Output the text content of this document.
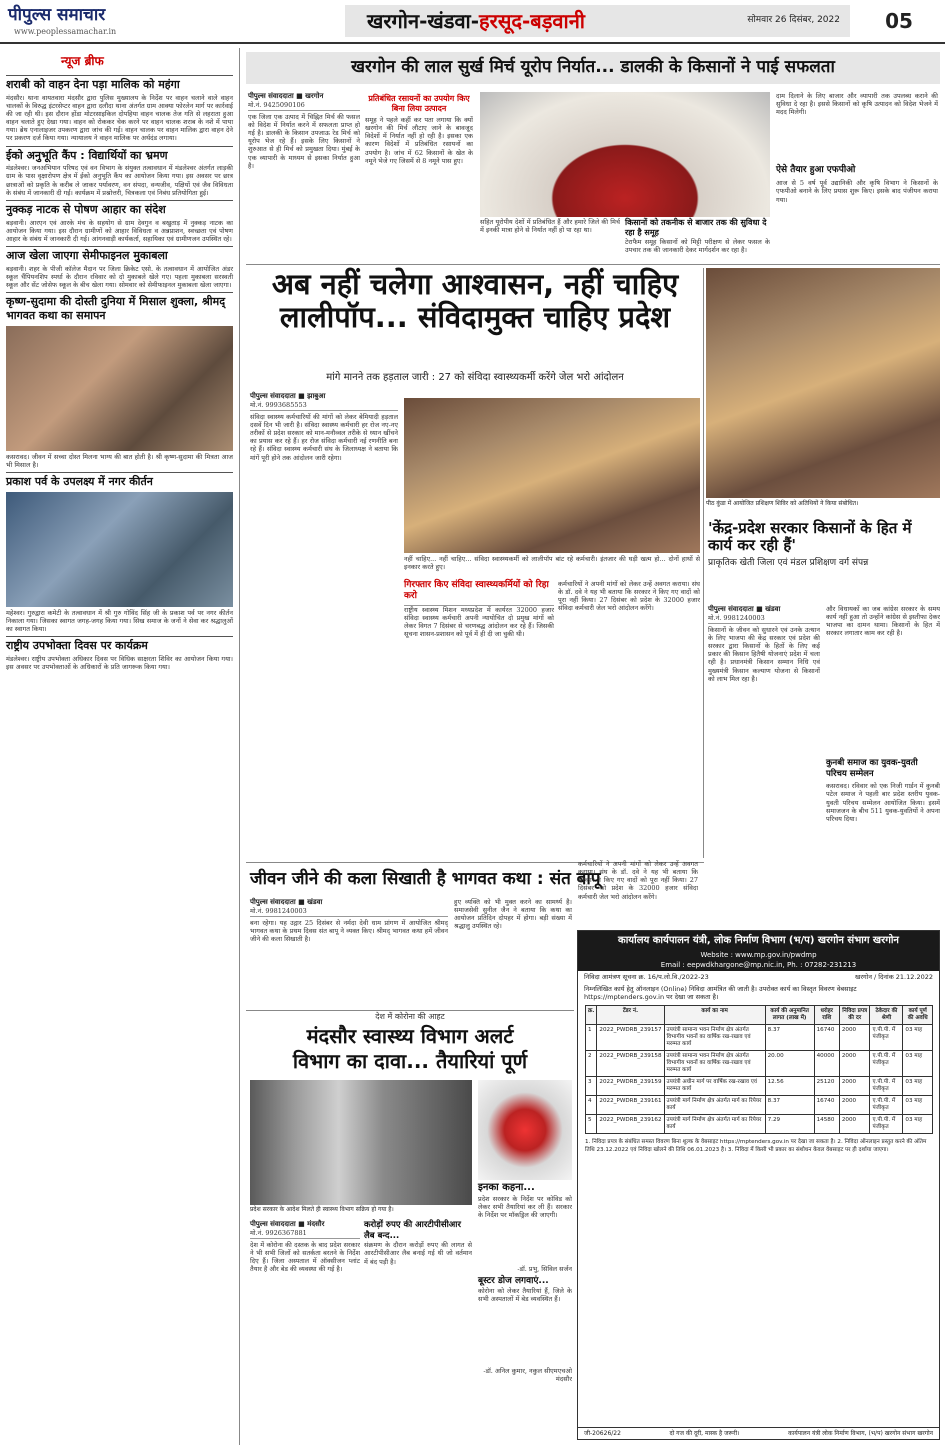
पीपुल्स समाचार www.peoplessamachar.in	खरगोन-खंडवा- हरसूद-बड़वानी	सोमवार 26 दिसंबर, 2022	05
न्यूज ब्रीफ
शराबी को वाहन देना पड़ा मालिक को महंगा

मंदसौर। थाना वायतवारा मंदसौर द्वारा पुलिस मुख्यालय के निर्देश पर वाहन चलाने वाले वाहन चालकों के विरुद्ध इंटरसेप्टर वाहन द्वारा दलौदा थाना अंतर्गत ग्राम आक्या फोरलेन मार्ग पर कार्रवाई की जा रही थी। इस दौरान होंडा मोटरसाइकिल दोपहिया वाहन चालक तेज गति से लहराता हुआ वाहन चलाते हुए देखा गया। वाहन को रोककर चेक करने पर वाहन चालक शराब के नशे में पाया गया। ब्रेथ एनालाइजर उपकरण द्वारा जांच की गई। वाहन चालक पर वाहन मालिक द्वारा वाहन देने पर प्रकरण दर्ज किया गया। न्यायालय ने वाहन मालिक पर अर्थदंड लगाया।

ईको अनुभूति कैंप : विद्यार्थियों का भ्रमण

मंडलेश्वर। जनअभियान परिषद एवं वन विभाग के संयुक्त तत्वावधान में मंडलेश्वर अंतर्गत लाड़की ग्राम के पास वृक्षारोपण क्षेत्र में ईको अनुभूति कैंप का आयोजन किया गया। इस अवसर पर छात्र छात्राओं को प्रकृति के करीब ले जाकर पर्यावरण, वन संपदा, वन्यजीव, पक्षियों एवं जैव विविधता के संबंध में जानकारी दी गई। कार्यक्रम में प्रश्नोत्तरी, चित्रकला एवं निबंध प्रतियोगिता हुई।

नुक्कड़ नाटक से पोषण आहार का संदेश

बड़वानी। आरएन एवं आरके मंच के सहयोग से ग्राम देवगुन व बखुताड़ में नुक्कड़ नाटक का आयोजन किया गया। इस दौरान ग्रामीणों को आहार विविधता व अन्नप्राशन, स्वच्छता एवं पोषण आहार के संबंध में जानकारी दी गई। आंगनवाड़ी कार्यकर्ता, सहायिका एवं ग्रामीणजन उपस्थित रहे।

आज खेला जाएगा सेमीफाइनल मुकाबला

बड़वानी। शहर के पीजी कॉलेज मैदान पर जिला क्रिकेट एसो. के तत्वावधान में आयोजित अंडर स्कूल चैंपियनशिप स्पर्धा के दौरान रविवार को दो मुकाबले खेले गए। पहला मुकाबला सरस्वती स्कूल और सेंट जोसेफ स्कूल के बीच खेला गया। सोमवार को सेमीफाइनल मुकाबला खेला जाएगा।

कृष्ण-सुदामा की दोस्ती दुनिया में मिसाल शुक्ला, श्रीमद् भागवत कथा का समापन

कसरावद। जीवन में सच्चा दोस्त मिलना भाग्य की बात होती है। श्री कृष्ण-सुदामा की मित्रता आज भी मिसाल है।

प्रकाश पर्व के उपलक्ष्य में नगर कीर्तन

महेश्वर। गुरुद्वारा कमेटी के तत्वावधान में श्री गुरु गोविंद सिंह जी के प्रकाश पर्व पर नगर कीर्तन निकाला गया। जिसका स्वागत जगह-जगह किया गया। सिख समाज के जनों ने सेवा कर श्रद्धालुओं का स्वागत किया।

राष्ट्रीय उपभोक्ता दिवस पर कार्यक्रम

मंडलेश्वर। राष्ट्रीय उपभोक्ता अधिकार दिवस पर विधिक साक्षरता शिविर का आयोजन किया गया। इस अवसर पर उपभोक्ताओं के अधिकारों के प्रति जागरूक किया गया।

खरगोन की लाल सुर्ख मिर्च यूरोप निर्यात... डालकी के किसानों ने पाई सफलता
पीपुल्स संवाददाता ■ खरगोन
मो.नं. 9425090106
एक जिला एक उत्पाद में चिह्नित मिर्च की फसल को विदेश में निर्यात करने में सफलता प्राप्त हो गई है। डालकी के किसान उपजाऊ रेड मिर्च को यूरोप भेज रहे हैं। इसके लिए किसानों ने शुरुआत से ही मिर्च को प्रमुखता दिया। मुंबई के एक व्यापारी के माध्यम से इसका निर्यात हुआ है।
प्रतिबंधित रसायनों का उपयोग किए बिना लिया उत्पादन
समूह ने पहले कहीं कर पता लगाया कि क्यों खरगोन की मिर्च लौटाए जाने के बावजूद विदेशों में निर्यात नहीं हो रही है। इसका एक कारण विदेशों में प्रतिबंधित रसायनों का उपयोग है। जांच में 62 किसानों के खेत के नमूने भेजे गए जिसमें से 8 नमूने पास हुए।
सहित यूरोपीय देशों में प्रतिबंधित हैं और हमारे जिले की मिर्च में इनकी मात्रा होने से निर्यात नहीं हो पा रहा था।
किसानों को तकनीक से बाजार तक की सुविधा दे रहा है समूह
टेराफैम समूह किसानों को मिट्टी परीक्षण से लेकर फसल के उपचार तक की जानकारी देकर मार्गदर्शन कर रहा है।
दाम दिलाने के लिए बाजार और व्यापारी तक उपलब्ध कराने की सुविधा दे रहा है। इससे किसानों को कृषि उत्पादन को विदेश भेजने में मदद मिलेगी।
ऐसे तैयार हुआ एफपीओ
आज से 5 वर्ष पूर्व उद्यानिकी और कृषि विभाग ने किसानों के एफपीओ बनाने के लिए प्रयास शुरू किए। इसके बाद पंजीयन कराया गया।
अब नहीं चलेगा आश्वासन, नहीं चाहिए
लालीपॉप... संविदामुक्त चाहिए प्रदेश
मांगे मानने तक हड़ताल जारी : 27 को संविदा स्वास्थ्यकर्मी करेंगे जेल भरो आंदोलन
पीपुल्स संवाददाता ■ झाबुआ
मो.नं. 9993685553
संविदा स्वास्थ्य कर्मचारियों की मांगों को लेकर बेमियादी हड़ताल दसवें दिन भी जारी है। संविदा स्वास्थ्य कर्मचारी हर रोज नए-नए तरीकों से प्रदेश सरकार को मान-मनौव्वल तरीके से ध्यान खींचने का प्रयास कर रहे हैं। हर रोज संविदा कर्मचारी नई रणनीति बना रहे हैं। संविदा स्वास्थ्य कर्मचारी संघ के जिलाध्यक्ष ने बताया कि मांगें पूरी होने तक आंदोलन जारी रहेगा।
नहीं चाहिए... नहीं चाहिए... संविदा स्वास्थ्यकर्मी को लालीपॉप बांट रहे कर्मचारी। इंतजार की घड़ी खत्म हो... दोनों हाथों से इनकार करते हुए।
गिरफ्तार किए संविदा स्वास्थ्यकर्मियों को रिहा करो
राष्ट्रीय स्वास्थ्य मिशन मध्यप्रदेश में कार्यरत 32000 हजार संविदा स्वास्थ्य कर्मचारी अपनी न्यायोचित दो प्रमुख मांगों को लेकर विगत 7 दिसंबर से चरणबद्ध आंदोलन कर रहे हैं। जिसकी सूचना शासन-प्रशासन को पूर्व में ही दी जा चुकी थी।
कर्मचारियों ने अपनी मांगों को लेकर उन्हें अवगत कराया। संघ के डॉ. दवे ने यह भी बताया कि सरकार ने किए गए वादों को पूरा नहीं किया। 27 दिसंबर को प्रदेश के 32000 हजार संविदा कर्मचारी जेल भरो आंदोलन करेंगे।
पीठ कुंडा में आयोजित प्रशिक्षण शिविर को अतिथियों ने किया संबोधित।
'केंद्र-प्रदेश सरकार किसानों के हित में कार्य कर रही हैं'
प्राकृतिक खेती जिला एवं मंडल प्रशिक्षण वर्ग संपन्न
पीपुल्स संवाददाता ■ खंडवा
मो.नं. 9981240003
किसानों के जीवन को सुधारने एवं उनके उत्थान के लिए भाजपा की केंद्र सरकार एवं प्रदेश की सरकार द्वारा किसानों के हितों के लिए कई प्रकार की किसान हितैषी योजनाएं प्रदेश में चला रही है। प्रधानमंत्री किसान सम्मान निधि एवं मुख्यमंत्री किसान कल्याण योजना से किसानों को लाभ मिल रहा है।
और विधायकों का जब कांग्रेस सरकार के समय कार्य नहीं हुआ तो उन्होंने कांग्रेस से इस्तीफा देकर भाजपा का दामन थामा। किसानों के हित में सरकार लगातार काम कर रही है।
कुनबी समाज का युवक-युवती परिचय सम्मेलन
कसरावद। रविवार को एक निजी गार्डन में कुनबी पटेल समाज ने पहली बार प्रदेश स्तरीय युवक-युवती परिचय सम्मेलन आयोजित किया। इसमें समाजजन के बीच 511 युवक-युवतियों ने अपना परिचय दिया।
जीवन जीने की कला सिखाती है भागवत कथा : संत बापू
पीपुल्स संवाददाता ■ खंडवा
मो.नं. 9981240003
बना रहेगा। यह उद्गार 25 दिसंबर से नर्मदा देवी धाम प्रांगण में आयोजित श्रीमद् भागवत कथा के प्रथम दिवस संत बापू ने व्यक्त किए। श्रीमद् भागवत कथा हमें जीवन जीने की कला सिखाती है।
हुए व्यक्ति को भी मुक्त करने का सामर्थ्य है। समाजसेवी सुनील जैन ने बताया कि कथा का आयोजन प्रतिदिन दोपहर में होगा। बड़ी संख्या में श्रद्धालु उपस्थित रहे।
कर्मचारियों ने अपनी मांगों को लेकर उन्हें अवगत कराया। संघ के डॉ. दवे ने यह भी बताया कि सरकार ने किए गए वादों को पूरा नहीं किया। 27 दिसंबर को प्रदेश के 32000 हजार संविदा कर्मचारी जेल भरो आंदोलन करेंगे।
देश में कोरोना की आहट
मंदसौर स्वास्थ्य विभाग अलर्ट
विभाग का दावा... तैयारियां पूर्ण
प्रदेश सरकार के आदेश मिलते ही स्वास्थ्य विभाग सक्रिय हो गया है।
इनका कहना...
प्रदेश सरकार के निर्देश पर कोविड को लेकर सभी तैयारियां कर ली हैं। सरकार के निर्देश पर मॉकड्रिल की जाएगी।
-डॉ. प्रभु, सिविल सर्जन
बूस्टर डोज लगवाएं...
कोरोना को लेकर तैयारियां हैं, जिले के सभी अस्पतालों में बेड व्यवस्थित हैं।
-डॉ. अनिल कुमार, नकुल सीएमएचओ मंदसौर
पीपुल्स संवाददाता ■ मंदसौर
मो.नं. 9926367881
देश में कोरोना की दस्तक के बाद प्रदेश सरकार ने भी सभी जिलों को सतर्कता बरतने के निर्देश दिए हैं। जिला अस्पताल में ऑक्सीजन प्लांट तैयार है और बेड की व्यवस्था की गई है।
करोड़ों रुपए की आरटीपीसीआर लैब बन्द...
संक्रमण के दौरान करोड़ों रुपए की लागत से आरटीपीसीआर लैब बनाई गई थी जो वर्तमान में बंद पड़ी है।
कार्यालय कार्यपालन यंत्री, लोक निर्माण विभाग (भ/प) खरगोन संभाग खरगोन
Website : www.mp.gov.in/pwdmp
Email : eepwdkhargone@mp.nic.in, Ph. : 07282-231213
निविदा आमंत्रण सूचना क्र. 16/प.लो.वि./2022-23	खरगोन / दिनांक 21.12.2022
निम्नलिखित कार्य हेतु ऑनलाइन (Online) निविदा आमंत्रित की जाती है। उपरोक्त कार्य का विस्तृत विवरण वेबसाइट https://mptenders.gov.in पर देखा जा सकता है।
क्र.	टेंडर नं.	कार्य का नाम	कार्य की अनुमानित लागत (लाख में)	धरोहर राशि	निविदा प्रपत्र की दर	ठेकेदार की श्रेणी	कार्य पूर्ण की अवधि
1	2022_PWDRB_239157	उपयंत्री सामान्य भवन निर्माण क्षेत्र अंतर्गत विभागीय भवनों का वार्षिक रख-रखाव एवं मरम्मत कार्य	8.37	16740	2000	ए.पी.पी. में पंजीकृत	03 माह
2	2022_PWDRB_239158	उपयंत्री सामान्य भवन निर्माण क्षेत्र अंतर्गत विभागीय भवनों का वार्षिक रख-रखाव एवं मरम्मत कार्य	20.00	40000	2000	ए.पी.पी. में पंजीकृत	03 माह
3	2022_PWDRB_239159	उपयंत्री अधीन मार्ग पर वार्षिक रख-रखाव एवं मरम्मत कार्य	12.56	25120	2000	ए.पी.पी. में पंजीकृत	03 माह
4	2022_PWDRB_239161	उपयंत्री मार्ग निर्माण क्षेत्र अंतर्गत मार्ग का रिपेयर कार्य	8.37	16740	2000	ए.पी.पी. में पंजीकृत	03 माह
5	2022_PWDRB_239162	उपयंत्री मार्ग निर्माण क्षेत्र अंतर्गत मार्ग का रिपेयर कार्य	7.29	14580	2000	ए.पी.पी. में पंजीकृत	03 माह
1. निविदा प्रपत्र के संबंधित समस्त विवरण बिना शुल्क के वेबसाइट https://mptenders.gov.in पर देखा जा सकता है। 2. निविदा ऑनलाइन प्रस्तुत करने की अंतिम तिथि 23.12.2022 एवं निविदा खोलने की तिथि 06.01.2023 है। 3. निविदा में किसी भी प्रकार का संशोधन केवल वेबसाइट पर ही दर्शाया जाएगा।
जी-20626/22	दो गज की दूरी, मास्क है जरूरी।	कार्यपालन यंत्री लोक निर्माण विभाग, (भ/प) खरगोन संभाग खरगोन
